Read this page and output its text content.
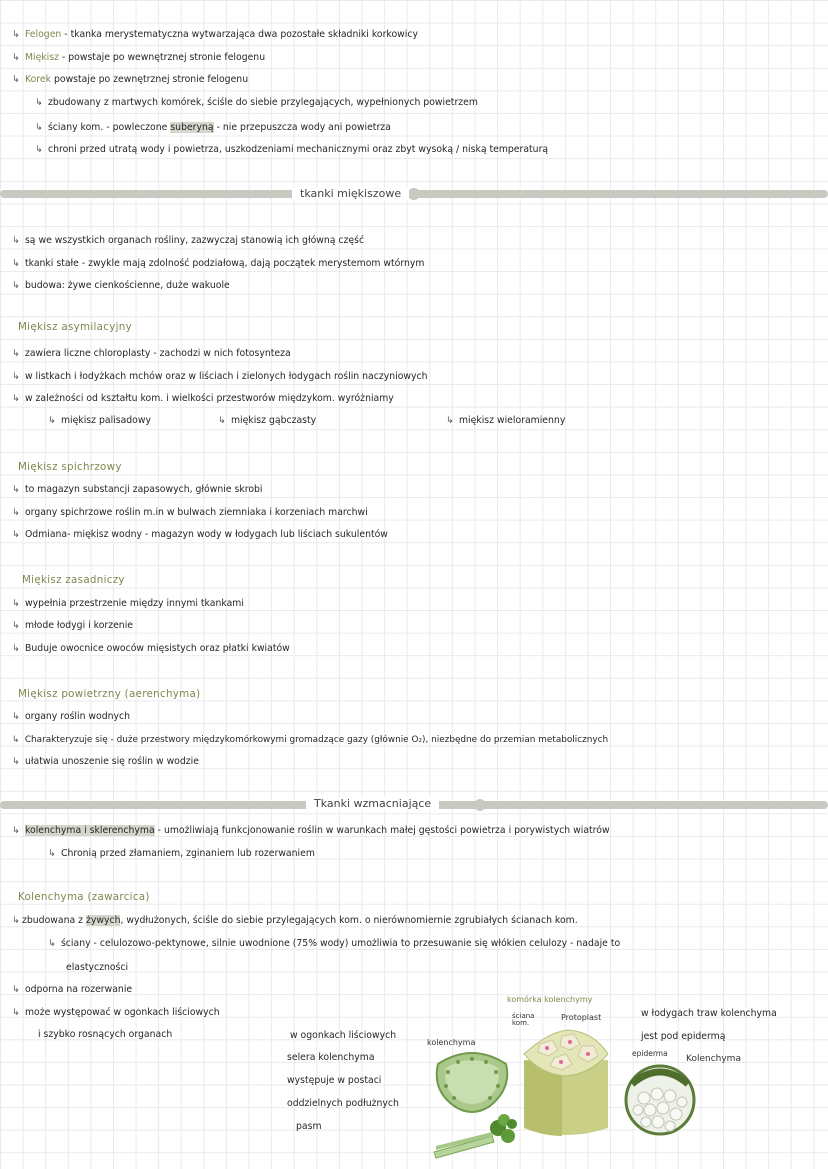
↳ Felogen - tkanka merystematyczna wytwarzająca dwa pozostałe składniki korkowicy
↳ Miękisz - powstaje po wewnętrznej stronie felogenu
↳ Korek powstaje po zewnętrznej stronie felogenu
↳ zbudowany z martwych komórek, ściśle do siebie przylegających, wypełnionych powietrzem
↳ ściany kom. - powleczone suberyną - nie przepuszcza wody ani powietrza
↳ chroni przed utratą wody i powietrza, uszkodzeniami mechanicznymi oraz zbyt wysoką / niską temperaturą
tkanki miękiszowe
↳ są we wszystkich organach rośliny, zazwyczaj stanowią ich główną część
↳ tkanki stałe - zwykle mają zdolność podziałową, dają początek merystemom wtórnym
↳ budowa: żywe cienkościenne, duże wakuole
Miękisz asymilacyjny
↳ zawiera liczne chloroplasty - zachodzi w nich fotosynteza
↳ w listkach i łodyżkach mchów oraz w liściach i zielonych łodygach roślin naczyniowych
↳ w zależności od kształtu kom. i wielkości przestworów międzykom. wyróżniamy
↳ miękisz palisadowy	↳ miękisz gąbczasty	↳ miękisz wieloramienny
Miękisz spichrzowy
↳ to magazyn substancji zapasowych, głównie skrobi
↳ organy spichrzowe roślin m.in w bulwach ziemniaka i korzeniach marchwi
↳ Odmiana- miękisz wodny - magazyn wody w łodygach lub liściach sukulentów
Miękisz zasadniczy
↳ wypełnia przestrzenie między innymi tkankami
↳ młode łodygi i korzenie
↳ Buduje owocnice owoców mięsistych oraz płatki kwiatów
Miękisz powietrzny (aerenchyma)
↳ organy roślin wodnych
↳ Charakteryzuje się - duże przestwory międzykomórkowymi gromadzące gazy (głównie O₂), niezbędne do przemian metabolicznych
↳ ułatwia unoszenie się roślin w wodzie
Tkanki wzmacniające
↳ kolenchyma i sklerenchyma - umożliwiają funkcjonowanie roślin w warunkach małej gęstości powietrza i porywistych wiatrów
↳ Chronią przed złamaniem, zginaniem lub rozerwaniem
Kolenchyma (zawarcica)
↳ zbudowana z żywych, wydłużonych, ściśle do siebie przylegających kom. o nierównomiernie zgrubiałych ścianach kom.
↳ ściany - celulozowo-pektynowe, silnie uwodnione (75% wody) umożliwia to przesuwanie się włókien celulozy - nadaje to
elastyczności
↳ odporna na rozerwanie
↳ może występować w ogonkach liściowych
i szybko rosnących organach	w ogonkach liściowych
selera kolenchyma
występuje w postaci
oddzielnych podłużnych
pasm
w łodygach traw kolenchyma
jest pod epidermą
kolenchyma
komórka kolenchymy
ściana kom.
Protoplast
epiderma
Kolenchyma
